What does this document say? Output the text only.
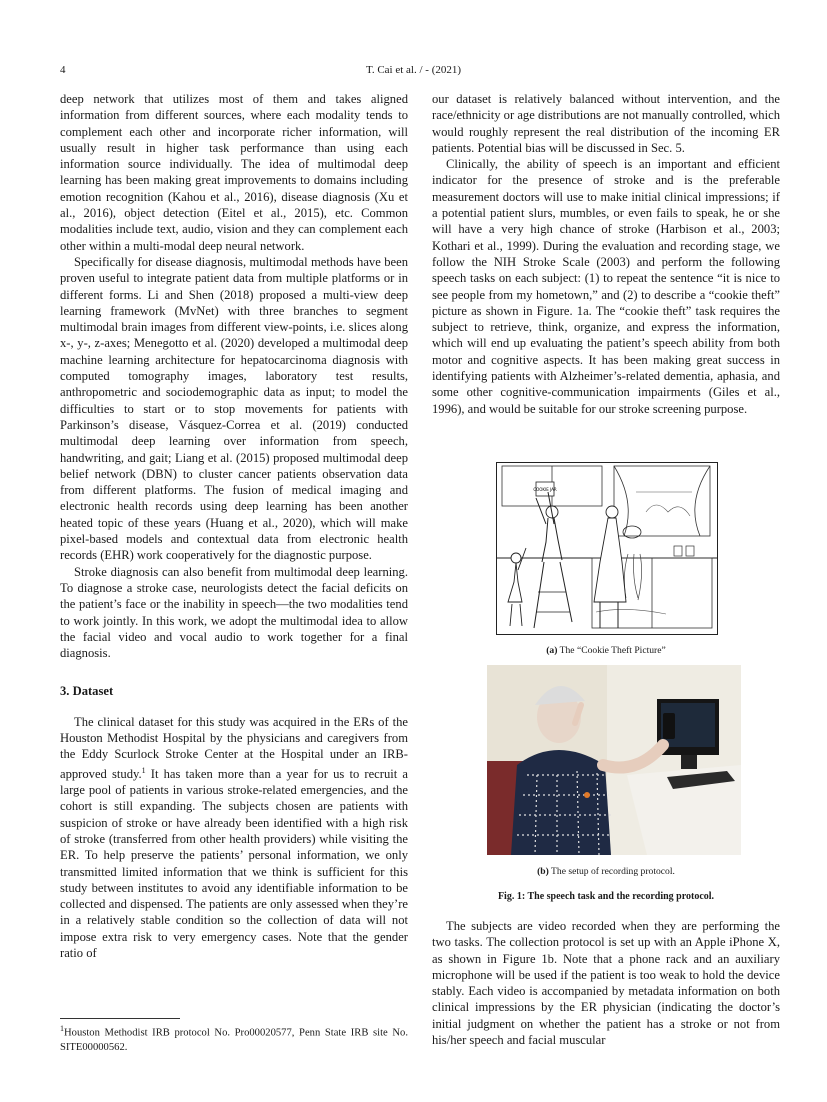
4	T. Cai et al. / - (2021)

deep network that utilizes most of them and takes aligned information from different sources, where each modality tends to complement each other and incorporate richer information, will usually result in higher task performance than using each information source individually. The idea of multimodal deep learning has been making great improvements to domains including emotion recognition (Kahou et al., 2016), disease diagnosis (Xu et al., 2016), object detection (Eitel et al., 2015), etc. Common modalities include text, audio, vision and they can complement each other within a multi-modal deep neural network.

Specifically for disease diagnosis, multimodal methods have been proven useful to integrate patient data from multiple platforms or in different forms. Li and Shen (2018) proposed a multi-view deep learning framework (MvNet) with three branches to segment multimodal brain images from different view-points, i.e. slices along x-, y-, z-axes; Menegotto et al. (2020) developed a multimodal deep machine learning architecture for hepatocarcinoma diagnosis with computed tomography images, laboratory test results, anthropometric and sociodemographic data as input; to model the difficulties to start or to stop movements for patients with Parkinson’s disease, Vásquez-Correa et al. (2019) conducted multimodal deep learning over information from speech, handwriting, and gait; Liang et al. (2015) proposed multimodal deep belief network (DBN) to cluster cancer patients observation data from different platforms. The fusion of medical imaging and electronic health records using deep learning has been another heated topic of these years (Huang et al., 2020), which will make pixel-based models and contextual data from electronic health records (EHR) work cooperatively for the diagnostic purpose.

Stroke diagnosis can also benefit from multimodal deep learning. To diagnose a stroke case, neurologists detect the facial deficits on the patient’s face or the inability in speech—the two modalities tend to work jointly. In this work, we adopt the multimodal idea to allow the facial video and vocal audio to work together for a final diagnosis.

3. Dataset

The clinical dataset for this study was acquired in the ERs of the Houston Methodist Hospital by the physicians and caregivers from the Eddy Scurlock Stroke Center at the Hospital under an IRB-approved study.$^1$ It has taken more than a year for us to recruit a large pool of patients in various stroke-related emergencies, and the cohort is still expanding. The subjects chosen are patients with suspicion of stroke or have already been identified with a high risk of stroke (transferred from other health providers) while visiting the ER. To help preserve the patients’ personal information, we only transmitted limited information that we think is sufficient for this study between institutes to avoid any identifiable information to be collected and dispensed. The patients are only assessed when they’re in a relatively stable condition so the collection of data will not impose extra risk to very emergency cases. Note that the gender ratio of

$^1$Houston Methodist IRB protocol No. Pro00020577, Penn State IRB site No. SITE00000562.

our dataset is relatively balanced without intervention, and the race/ethnicity or age distributions are not manually controlled, which would roughly represent the real distribution of the incoming ER patients. Potential bias will be discussed in Sec. 5.

Clinically, the ability of speech is an important and efficient indicator for the presence of stroke and is the preferable measurement doctors will use to make initial clinical impressions; if a potential patient slurs, mumbles, or even fails to speak, he or she will have a very high chance of stroke (Harbison et al., 2003; Kothari et al., 1999). During the evaluation and recording stage, we follow the NIH Stroke Scale (2003) and perform the following speech tasks on each subject: (1) to repeat the sentence “it is nice to see people from my hometown,” and (2) to describe a “cookie theft” picture as shown in Figure. 1a. The “cookie theft” task requires the subject to retrieve, think, organize, and express the information, which will end up evaluating the patient’s speech ability from both motor and cognitive aspects. It has been making great success in identifying patients with Alzheimer’s-related dementia, aphasia, and some other cognitive-communication impairments (Giles et al., 1996), and would be suitable for our stroke screening purpose.

COOKIE JAR
(a) The “Cookie Theft Picture”
(b) The setup of recording protocol.
Fig. 1: The speech task and the recording protocol.

The subjects are video recorded when they are performing the two tasks. The collection protocol is set up with an Apple iPhone X, as shown in Figure 1b. Note that a phone rack and an auxiliary microphone will be used if the patient is too weak to hold the device stably. Each video is accompanied by metadata information on both clinical impressions by the ER physician (indicating the doctor’s initial judgment on whether the patient has a stroke or not from his/her speech and facial muscular
